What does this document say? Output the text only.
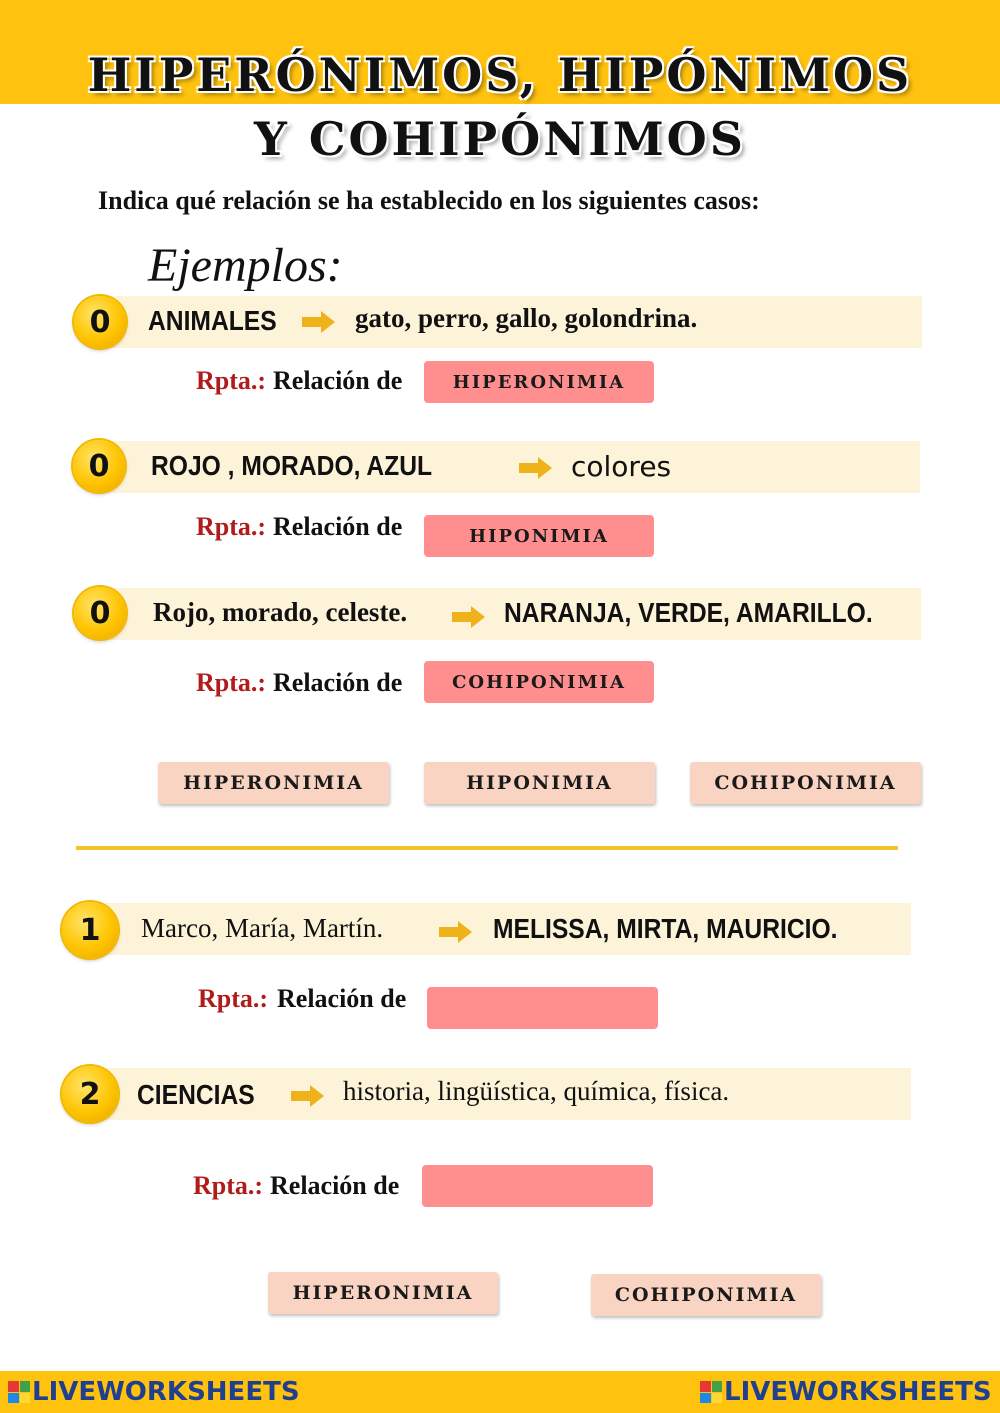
HIPERÓNIMOS, HIPÓNIMOS
Y COHIPÓNIMOS
Indica qué relación se ha establecido en los siguientes casos:
Ejemplos:
0	ANIMALES	gato, perro, gallo, golondrina.
Rpta.: Relación de	HIPERONIMIA
0	ROJO , MORADO, AZUL	colores
Rpta.: Relación de	HIPONIMIA
0	Rojo, morado, celeste.	NARANJA, VERDE, AMARILLO.
Rpta.: Relación de	COHIPONIMIA
HIPERONIMIA	HIPONIMIA	COHIPONIMIA
1	Marco, María, Martín.	MELISSA, MIRTA, MAURICIO.
Rpta.: Relación de
2	CIENCIAS	historia, lingüística, química, física.
Rpta.: Relación de
HIPERONIMIA	COHIPONIMIA
LIVEWORKSHEETS	LIVEWORKSHEETS
